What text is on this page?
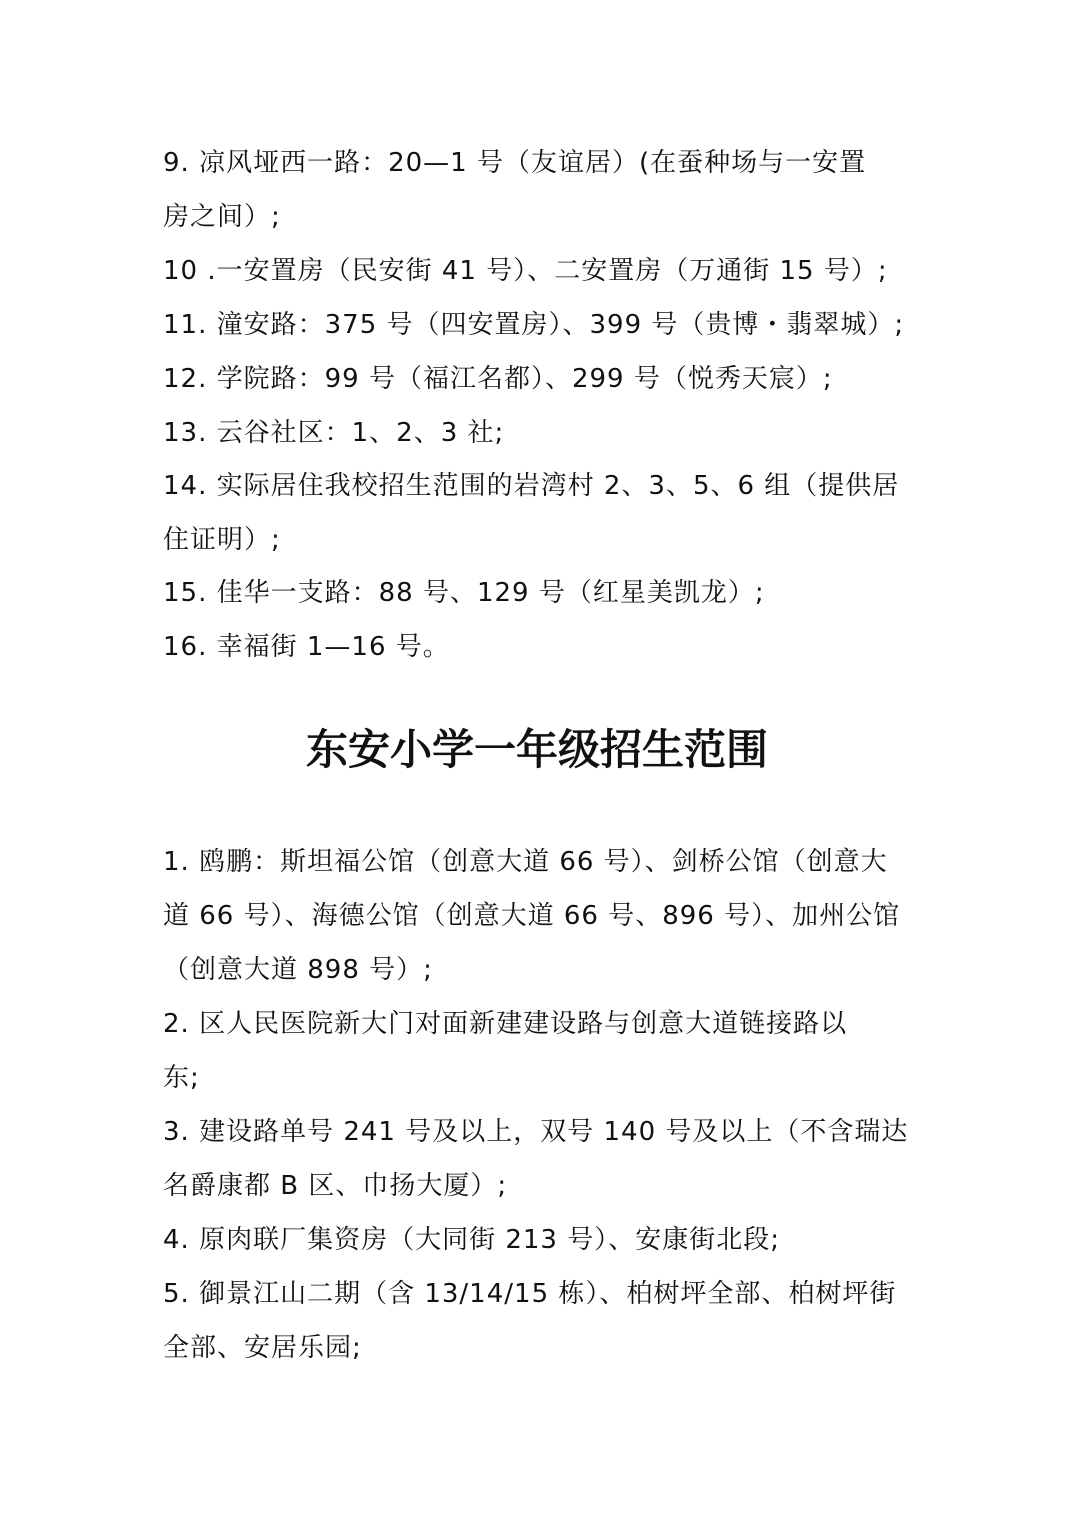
9. 凉风垭西一路：20—1 号（友谊居）(在蚕种场与一安置
房之间）;
10 .一安置房（民安街 41 号）、二安置房（万通街 15 号）;
11. 潼安路：375 号（四安置房）、399 号（贵博・翡翠城）;
12. 学院路：99 号（福江名都）、299 号（悦秀天宸）;
13. 云谷社区：1、2、3 社;
14. 实际居住我校招生范围的岩湾村 2、3、5、6 组（提供居
住证明）;
15. 佳华一支路：88 号、129 号（红星美凯龙）;
16. 幸福街 1—16 号。
东安小学一年级招生范围
1. 鸥鹏：斯坦福公馆（创意大道 66 号）、剑桥公馆（创意大
道 66 号）、海德公馆（创意大道 66 号、896 号）、加州公馆
（创意大道 898 号）;
2. 区人民医院新大门对面新建建设路与创意大道链接路以
东;
3. 建设路单号 241 号及以上，双号 140 号及以上（不含瑞达
名爵康都 B 区、巾扬大厦）;
4. 原肉联厂集资房（大同街 213 号）、安康街北段;
5. 御景江山二期（含 13/14/15 栋）、柏树坪全部、柏树坪街
全部、安居乐园;
